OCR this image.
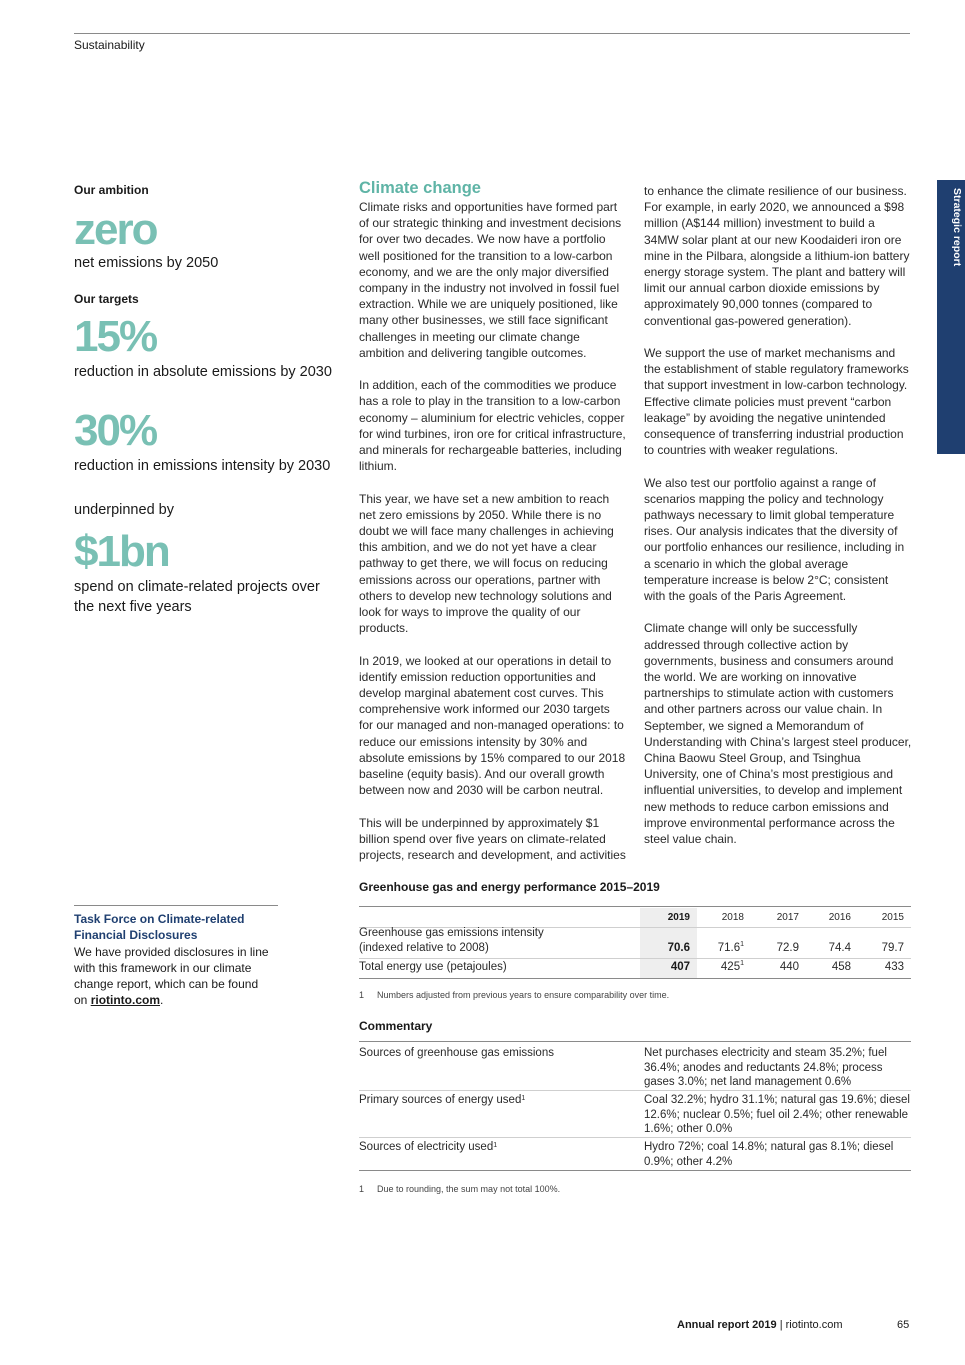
Sustainability
Strategic report
Our ambition
zero
net emissions by 2050
Our targets
15%
reduction in absolute emissions by 2030
30%
reduction in emissions intensity by 2030
underpinned by
$1bn
spend on climate-related projects over the next five years
Task Force on Climate-related Financial Disclosures
We have provided disclosures in line with this framework in our climate change report, which can be found on riotinto.com.
Climate change

Climate risks and opportunities have formed part of our strategic thinking and investment decisions for over two decades. We now have a portfolio well positioned for the transition to a low-carbon economy, and we are the only major diversified company in the industry not involved in fossil fuel extraction. While we are uniquely positioned, like many other businesses, we still face significant challenges in meeting our climate change ambition and delivering tangible outcomes.

In addition, each of the commodities we produce has a role to play in the transition to a low-carbon economy – aluminium for electric vehicles, copper for wind turbines, iron ore for critical infrastructure, and minerals for rechargeable batteries, including lithium.

This year, we have set a new ambition to reach net zero emissions by 2050. While there is no doubt we will face many challenges in achieving this ambition, and we do not yet have a clear pathway to get there, we will focus on reducing emissions across our operations, partner with others to develop new technology solutions and look for ways to improve the quality of our products.

In 2019, we looked at our operations in detail to identify emission reduction opportunities and develop marginal abatement cost curves. This comprehensive work informed our 2030 targets for our managed and non-managed operations: to reduce our emissions intensity by 30% and absolute emissions by 15% compared to our 2018 baseline (equity basis). And our overall growth between now and 2030 will be carbon neutral.

This will be underpinned by approximately $1 billion spend over five years on climate-related projects, research and development, and activities

to enhance the climate resilience of our business. For example, in early 2020, we announced a $98 million (A$144 million) investment to build a 34MW solar plant at our new Koodaideri iron ore mine in the Pilbara, alongside a lithium-ion battery energy storage system. The plant and battery will limit our annual carbon dioxide emissions by approximately 90,000 tonnes (compared to conventional gas-powered generation).

We support the use of market mechanisms and the establishment of stable regulatory frameworks that support investment in low-carbon technology. Effective climate policies must prevent “carbon leakage” by avoiding the negative unintended consequence of transferring industrial production to countries with weaker regulations.

We also test our portfolio against a range of scenarios mapping the policy and technology pathways necessary to limit global temperature rises. Our analysis indicates that the diversity of our portfolio enhances our resilience, including in a scenario in which the global average temperature increase is below 2°C; consistent with the goals of the Paris Agreement.

Climate change will only be successfully addressed through collective action by governments, business and consumers around the world. We are working on innovative partnerships to stimulate action with customers and other partners across our value chain. In September, we signed a Memorandum of Understanding with China’s largest steel producer, China Baowu Steel Group, and Tsinghua University, one of China’s most prestigious and influential universities, to develop and implement new methods to reduce carbon emissions and improve environmental performance across the steel value chain.

Greenhouse gas and energy performance 2015–2019
2019	2018	2017	2016	2015
Greenhouse gas emissions intensity
(indexed relative to 2008)	70.6	71.6$^1$	72.9	74.4	79.7
Total energy use (petajoules)	407	$425^1$	440	458	433
1 Numbers adjusted from previous years to ensure comparability over time.
Commentary
Sources of greenhouse gas emissions	Net purchases electricity and steam 35.2%; fuel 36.4%; anodes and reductants 24.8%; process gases 3.0%; net land management 0.6%
Primary sources of energy used$^1$	Coal 32.2%; hydro 31.1%; natural gas 19.6%; diesel 12.6%; nuclear 0.5%; fuel oil 2.4%; other renewable 1.6%; other 0.0%
Sources of electricity used$^1$	Hydro 72%; coal 14.8%; natural gas 8.1%; diesel 0.9%; other 4.2%
1 Due to rounding, the sum may not total 100%.
Annual report 2019 | riotinto.com	65
